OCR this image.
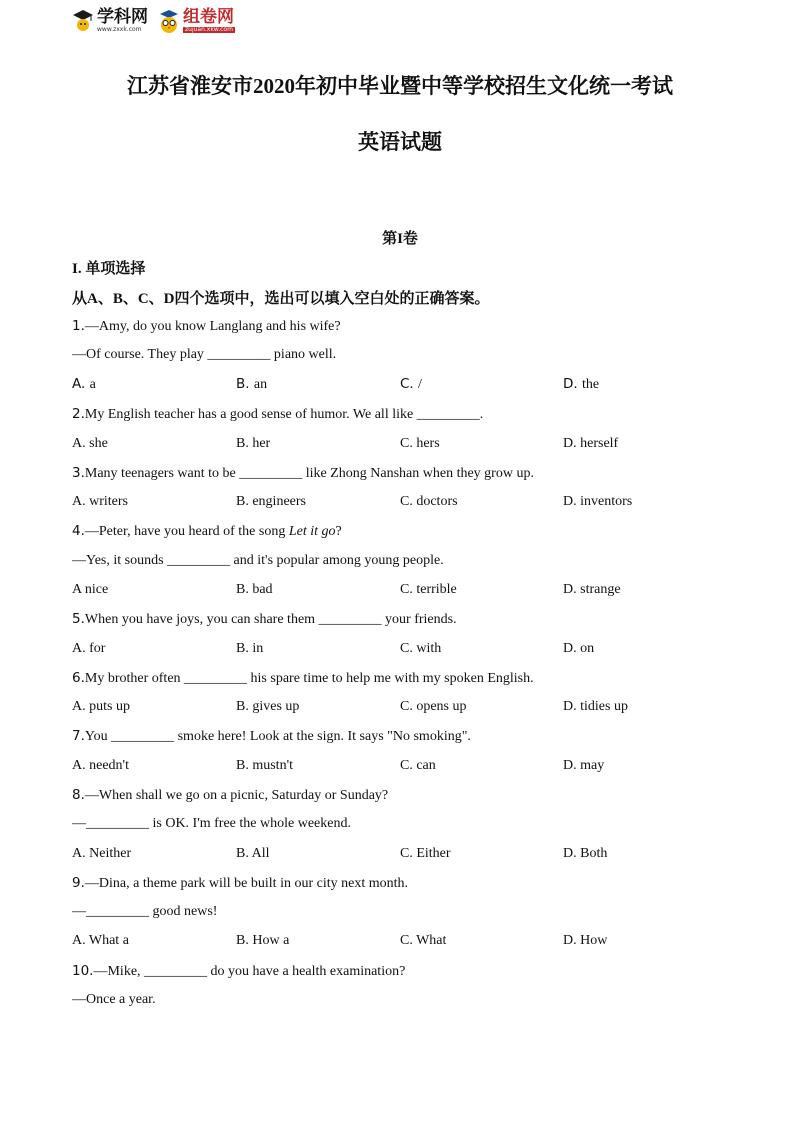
学科网
www.zxxk.com
组卷网
zujuan.xkw.com
江苏省淮安市2020年初中毕业暨中等学校招生文化统一考试
英语试题
第I卷
I. 单项选择
从A、B、C、D四个选项中，选出可以填入空白处的正确答案。
1.—Amy, do you know Langlang and his wife?
—Of course. They play _________ piano well.
A. a	B. an	C. /	D. the
2.My English teacher has a good sense of humor. We all like _________.
A. she	B. her	C. hers	D. herself
3.Many teenagers want to be _________ like Zhong Nanshan when they grow up.
A. writers	B. engineers	C. doctors	D. inventors
4.—Peter, have you heard of the song Let it go?
—Yes, it sounds _________ and it's popular among young people.
A nice	B. bad	C. terrible	D. strange
5.When you have joys, you can share them _________ your friends.
A. for	B. in	C. with	D. on
6.My brother often _________ his spare time to help me with my spoken English.
A. puts up	B. gives up	C. opens up	D. tidies up
7.You _________ smoke here! Look at the sign. It says "No smoking".
A. needn't	B. mustn't	C. can	D. may
8.—When shall we go on a picnic, Saturday or Sunday?
—_________ is OK. I'm free the whole weekend.
A. Neither	B. All	C. Either	D. Both
9.—Dina, a theme park will be built in our city next month.
—_________ good news!
A. What a	B. How a	C. What	D. How
10.—Mike, _________ do you have a health examination?
—Once a year.
